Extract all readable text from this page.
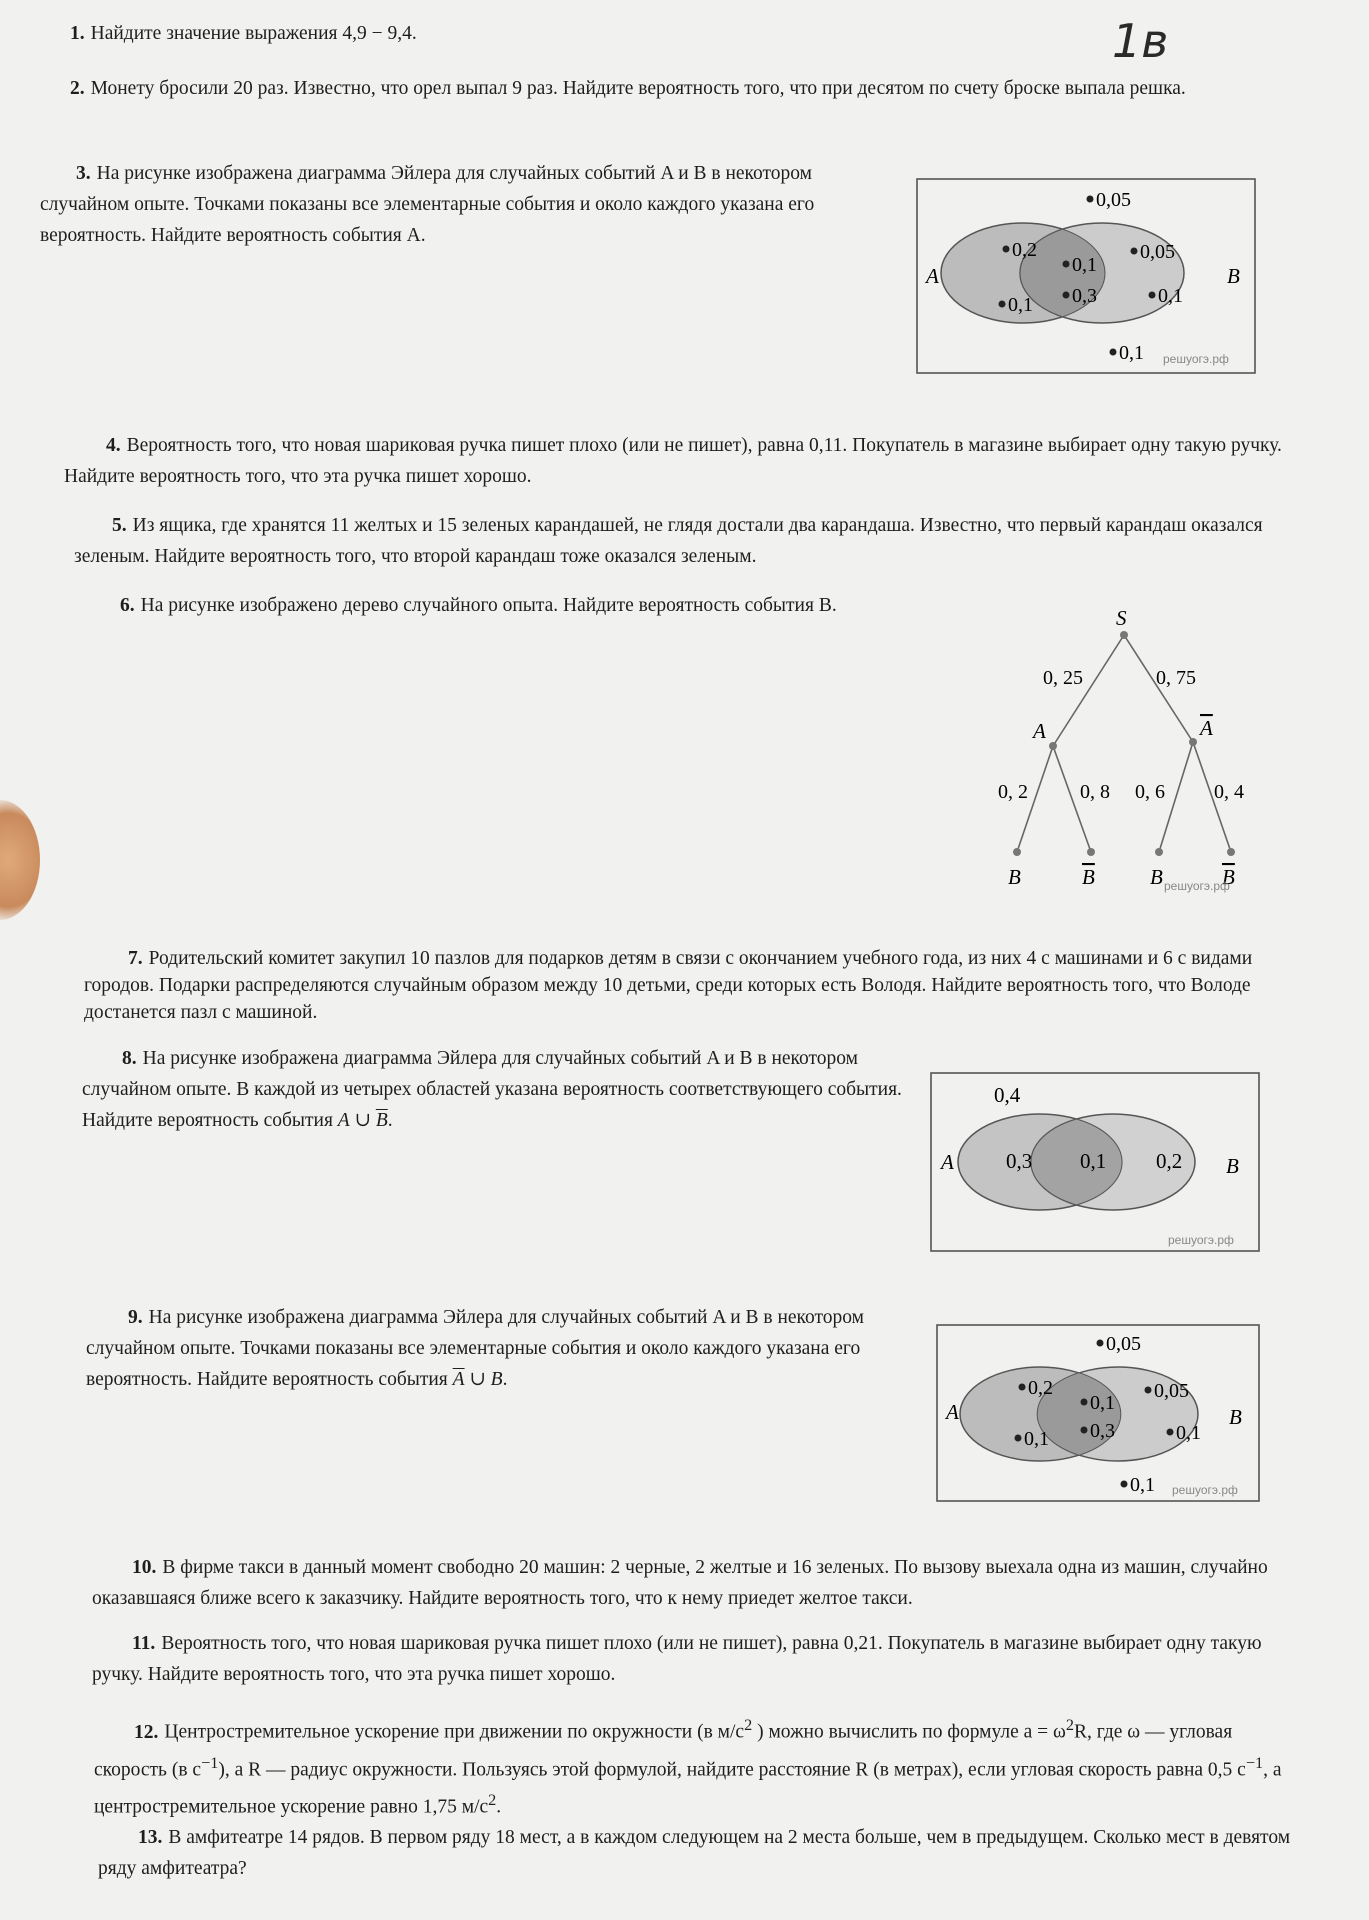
1в
1. Найдите значение выражения 4,9 − 9,4.
2. Монету бросили 20 раз. Известно, что орел выпал 9 раз. Найдите вероятность того, что при десятом по счету броске выпала решка.
3. На рисунке изображена диаграмма Эйлера для случайных событий A и B в некотором случайном опыте. Точками показаны все элементарные события и около каждого указана его вероятность. Найдите вероятность события A.
A	B
0,05
0,2
0,1
0,1
0,3
0,05
0,1
0,1 решуогэ.рф
4. Вероятность того, что новая шариковая ручка пишет плохо (или не пишет), равна 0,11. Покупатель в магазине выбирает одну такую ручку. Найдите вероятность того, что эта ручка пишет хорошо.
5. Из ящика, где хранятся 11 желтых и 15 зеленых карандашей, не глядя достали два карандаша. Известно, что первый карандаш оказался зеленым. Найдите вероятность того, что второй карандаш тоже оказался зеленым.
6. На рисунке изображено дерево случайного опыта. Найдите вероятность события B.
S
0, 25	0, 75
A	A
0, 2	0, 8 0, 6 0, 4
B	B	B	B
решуогэ.рф
7. Родительский комитет закупил 10 пазлов для подарков детям в связи с окончанием учебного года, из них 4 с машинами и 6 с видами городов. Подарки распределяются случайным образом между 10 детьми, среди которых есть Володя. Найдите вероятность того, что Володе достанется пазл с машиной.
8. На рисунке изображена диаграмма Эйлера для случайных событий A и B в некотором случайном опыте. В каждой из четырех областей указана вероятность соответствующего события. Найдите вероятность события A ∪ $\overline{B}$.
A	B
0,4
0,3 0,1 0,2
решуогэ.рф
9. На рисунке изображена диаграмма Эйлера для случайных событий A и B в некотором случайном опыте. Точками показаны все элементарные события и около каждого указана его вероятность. Найдите вероятность события $\overline{A}$ ∪ B.
A	B
0,05
0,2
0,1
0,1
0,3
0,05
0,1
0,1 решуогэ.рф
10. В фирме такси в данный момент свободно 20 машин: 2 черные, 2 желтые и 16 зеленых. По вызову выехала одна из машин, случайно оказавшаяся ближе всего к заказчику. Найдите вероятность того, что к нему приедет желтое такси.
11. Вероятность того, что новая шариковая ручка пишет плохо (или не пишет), равна 0,21. Покупатель в магазине выбирает одну такую ручку. Найдите вероятность того, что эта ручка пишет хорошо.
12. Центростремительное ускорение при движении по окружности (в $м/с^2$ ) можно вычислить по формуле $a = \omega^2R$, где ω — угловая скорость (в $с^{-1}$), а R — радиус окружности. Пользуясь этой формулой, найдите расстояние R (в метрах), если угловая скорость равна 0,5 $с^{-1}$, а центростремительное ускорение равно 1,75 $м/с^2$.
13. В амфитеатре 14 рядов. В первом ряду 18 мест, а в каждом следующем на 2 места больше, чем в предыдущем. Сколько мест в девятом ряду амфитеатра?
